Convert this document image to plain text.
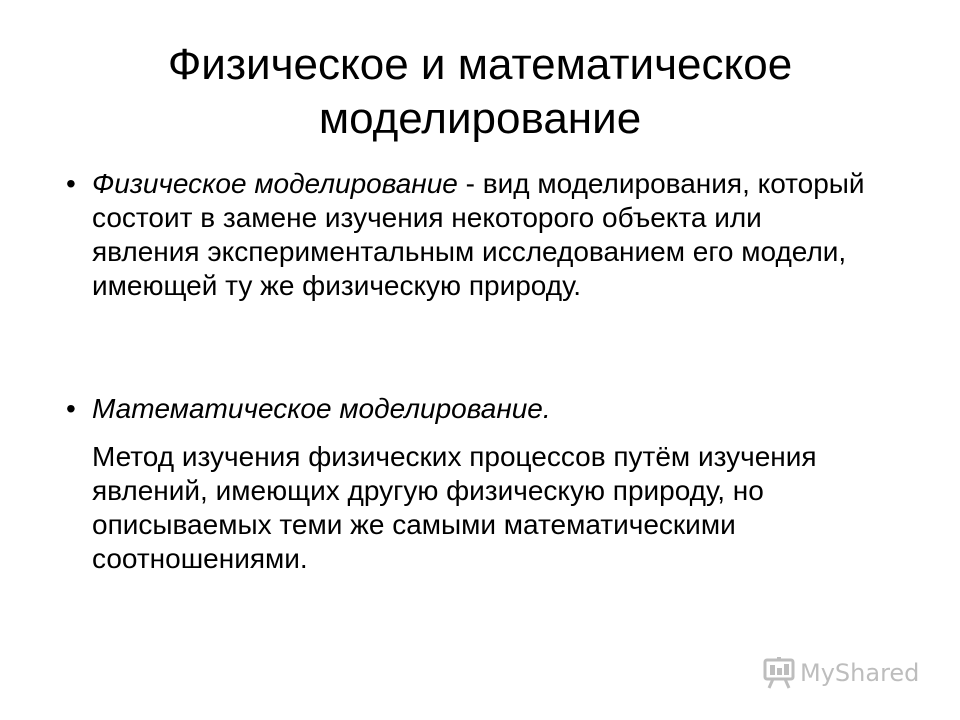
Физическое и математическое моделирование
• Физическое моделирование - вид моделирования, который состоит в замене изучения некоторого объекта или явления экспериментальным исследованием его модели, имеющей ту же физическую природу.
• Математическое моделирование.
Метод изучения физических процессов путём изучения явлений, имеющих другую физическую природу, но описываемых теми же самыми математическими соотношениями.
MyShared
